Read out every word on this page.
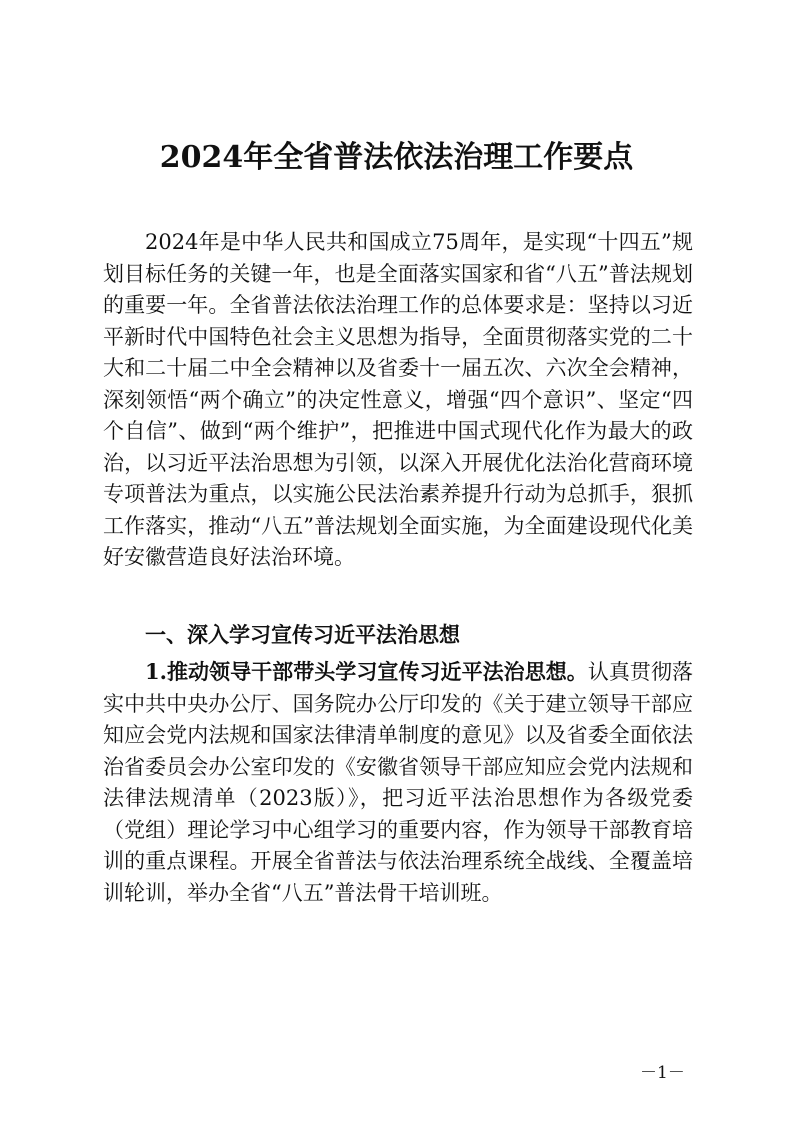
2024年全省普法依法治理工作要点
2024年是中华人民共和国成立75周年，是实现“十四五”规划目标任务的关键一年，也是全面落实国家和省“八五”普法规划的重要一年。全省普法依法治理工作的总体要求是：坚持以习近平新时代中国特色社会主义思想为指导，全面贯彻落实党的二十大和二十届二中全会精神以及省委十一届五次、六次全会精神，深刻领悟“两个确立”的决定性意义，增强“四个意识”、坚定“四个自信”、做到“两个维护”，把推进中国式现代化作为最大的政治，以习近平法治思想为引领，以深入开展优化法治化营商环境专项普法为重点，以实施公民法治素养提升行动为总抓手，狠抓工作落实，推动“八五”普法规划全面实施，为全面建设现代化美好安徽营造良好法治环境。
一、深入学习宣传习近平法治思想
1.推动领导干部带头学习宣传习近平法治思想。认真贯彻落实中共中央办公厅、国务院办公厅印发的《关于建立领导干部应知应会党内法规和国家法律清单制度的意见》以及省委全面依法治省委员会办公室印发的《安徽省领导干部应知应会党内法规和法律法规清单（2023版）》，把习近平法治思想作为各级党委（党组）理论学习中心组学习的重要内容，作为领导干部教育培训的重点课程。开展全省普法与依法治理系统全战线、全覆盖培训轮训，举办全省“八五”普法骨干培训班。
－1－
